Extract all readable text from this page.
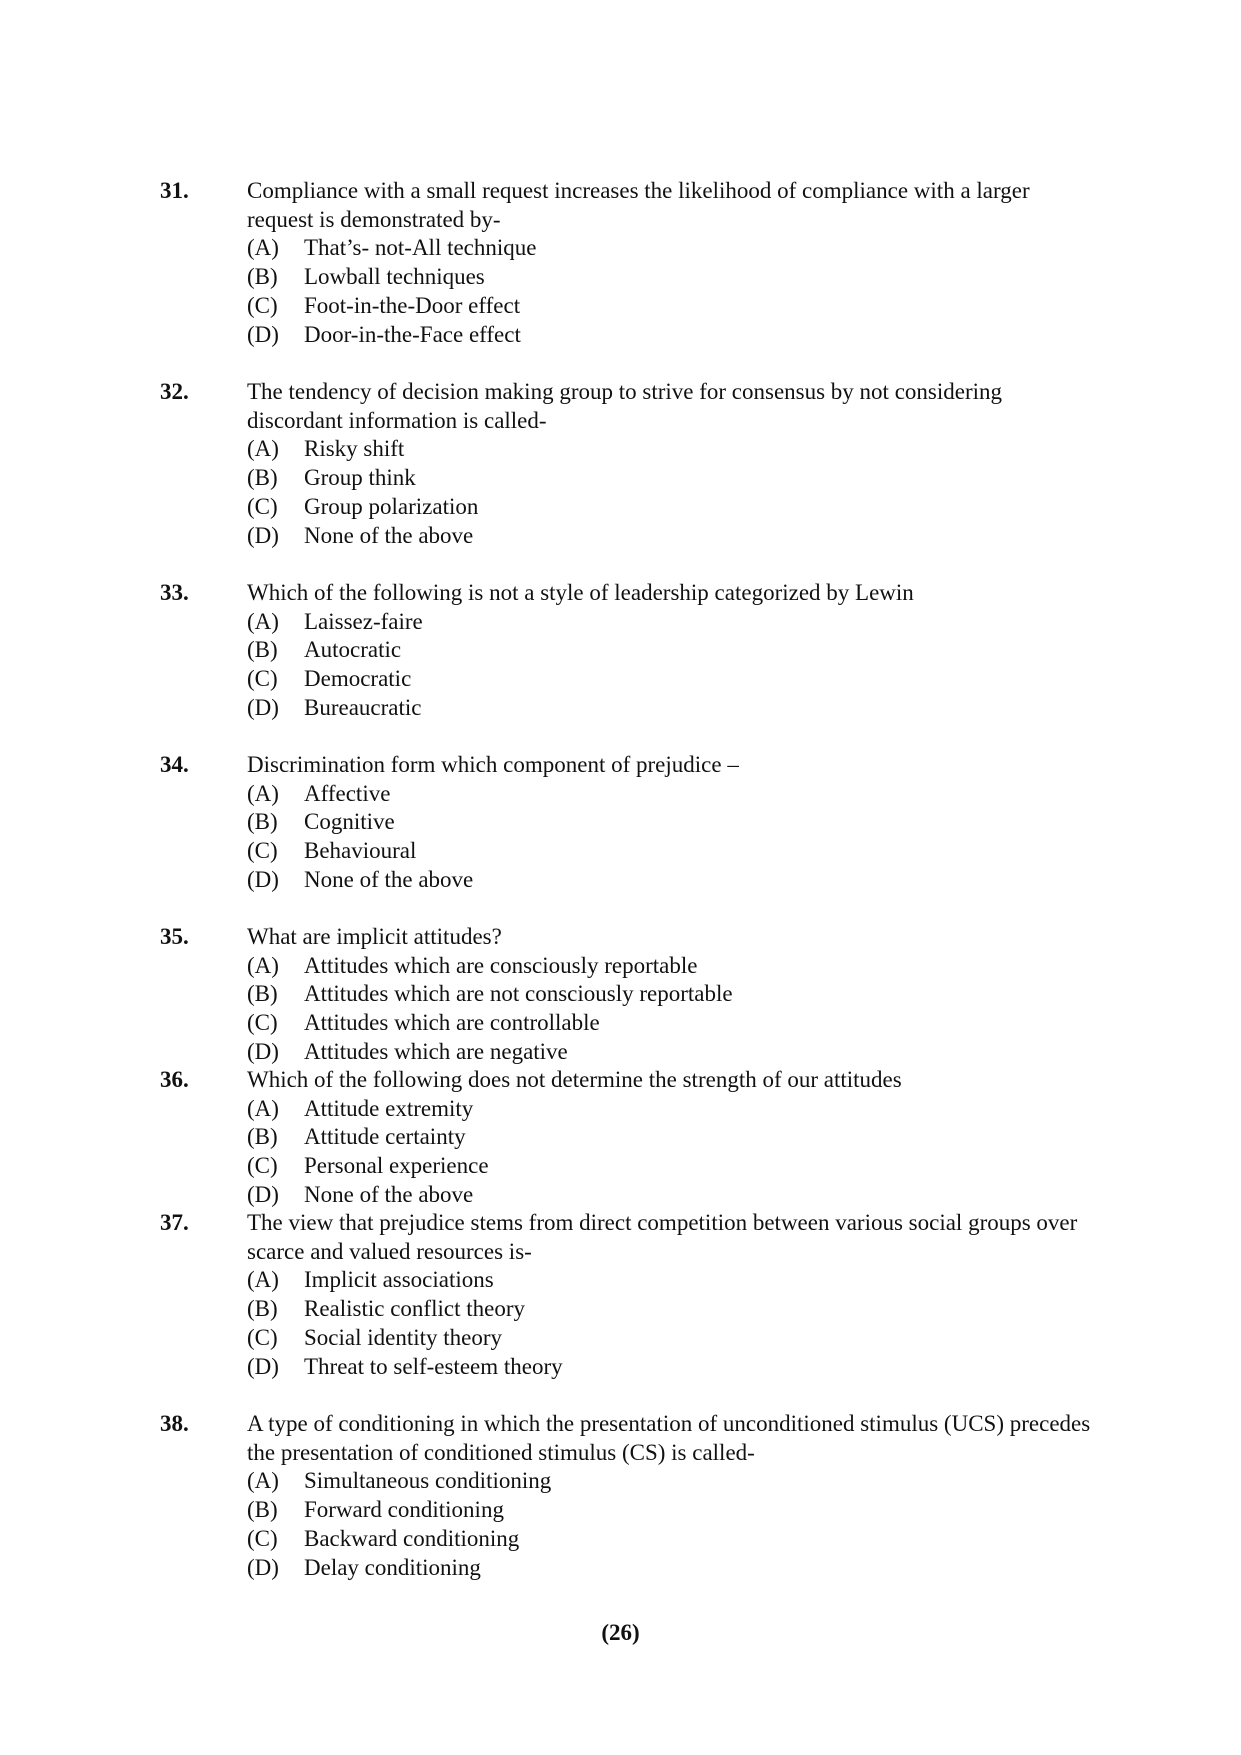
31.	Compliance with a small request increases the likelihood of compliance with a larger request is demonstrated by-
(A)	That’s- not-All technique
(B)	Lowball techniques
(C)	Foot-in-the-Door effect
(D)	Door-in-the-Face effect
32.	The tendency of decision making group to strive for consensus by not considering discordant information is called-
(A)	Risky shift
(B)	Group think
(C)	Group polarization
(D)	None of the above
33.	Which of the following is not a style of leadership categorized by Lewin
(A)	Laissez-faire
(B)	Autocratic
(C)	Democratic
(D)	Bureaucratic
34.	Discrimination form which component of prejudice –
(A)	Affective
(B)	Cognitive
(C)	Behavioural
(D)	None of the above
35.	What are implicit attitudes?
(A)	Attitudes which are consciously reportable
(B)	Attitudes which are not consciously reportable
(C)	Attitudes which are controllable
(D)	Attitudes which are negative
36.	Which of the following does not determine the strength of our attitudes
(A)	Attitude extremity
(B)	Attitude certainty
(C)	Personal experience
(D)	None of the above
37.	The view that prejudice stems from direct competition between various social groups over scarce and valued resources is-
(A)	Implicit associations
(B)	Realistic conflict theory
(C)	Social identity theory
(D)	Threat to self-esteem theory
38.	A type of conditioning in which the presentation of unconditioned stimulus (UCS) precedes the presentation of conditioned stimulus (CS) is called-
(A)	Simultaneous conditioning
(B)	Forward conditioning
(C)	Backward conditioning
(D)	Delay conditioning
(26)
